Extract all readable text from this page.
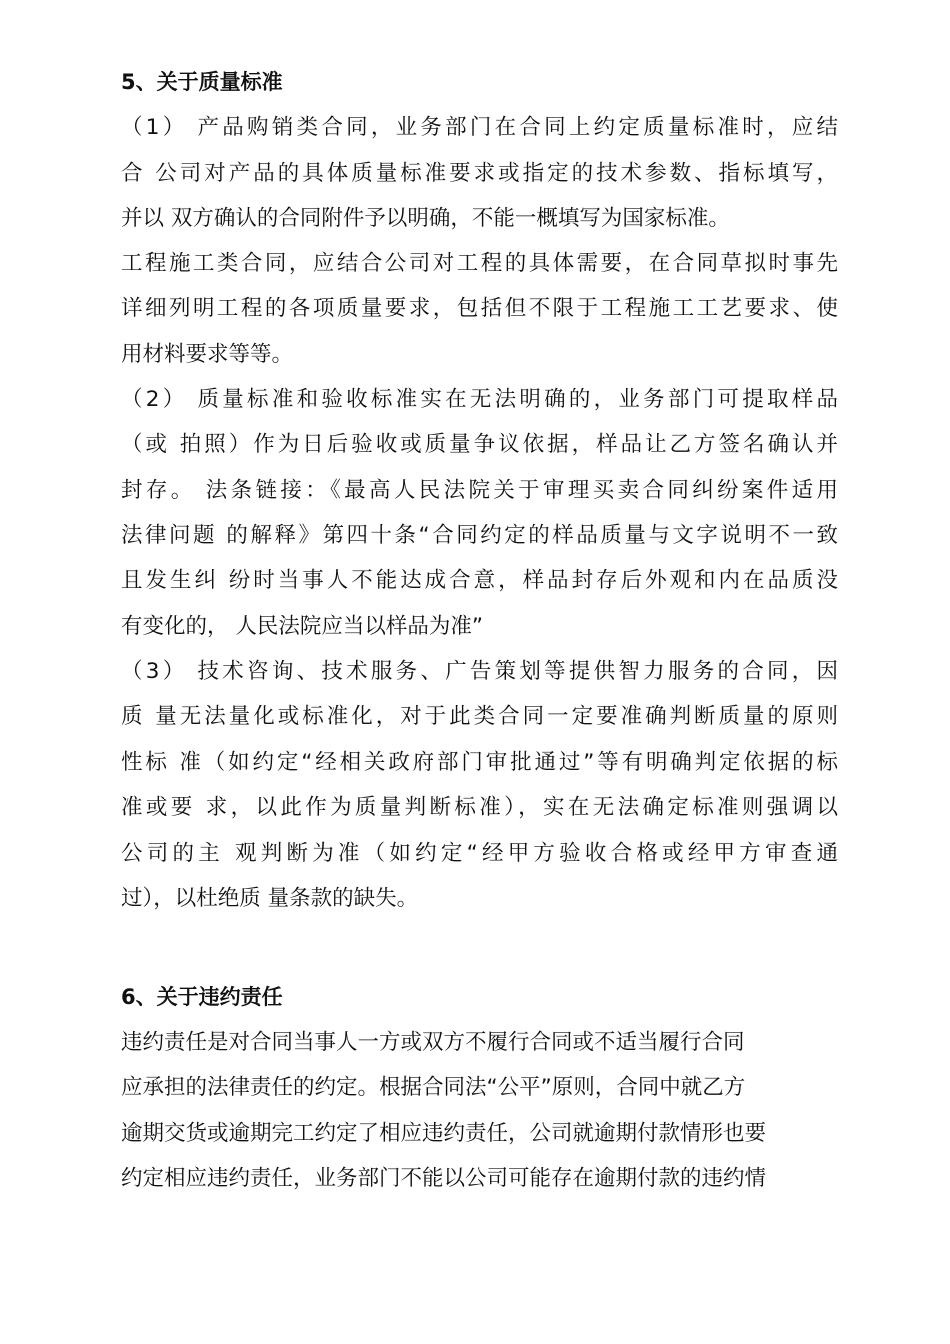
5、关于质量标准
（1） 产品购销类合同，业务部门在合同上约定质量标准时，应结
合 公司对产品的具体质量标准要求或指定的技术参数、指标填写，
并以 双方确认的合同附件予以明确，不能一概填写为国家标准。
工程施工类合同，应结合公司对工程的具体需要，在合同草拟时事先
详细列明工程的各项质量要求，包括但不限于工程施工工艺要求、使
用材料要求等等。
（2） 质量标准和验收标准实在无法明确的，业务部门可提取样品
（或 拍照）作为日后验收或质量争议依据，样品让乙方签名确认并
封存。 法条链接：《最高人民法院关于审理买卖合同纠纷案件适用
法律问题 的解释》第四十条“合同约定的样品质量与文字说明不一致
且发生纠 纷时当事人不能达成合意，样品封存后外观和内在品质没
有变化的， 人民法院应当以样品为准”
（3） 技术咨询、技术服务、广告策划等提供智力服务的合同，因
质 量无法量化或标准化，对于此类合同一定要准确判断质量的原则
性标 准（如约定“经相关政府部门审批通过”等有明确判定依据的标
准或要 求，以此作为质量判断标准），实在无法确定标准则强调以
公司的主 观判断为准（如约定“经甲方验收合格或经甲方审查通
过），以杜绝质 量条款的缺失。
6、关于违约责任
违约责任是对合同当事人一方或双方不履行合同或不适当履行合同
应承担的法律责任的约定。根据合同法“公平”原则，合同中就乙方
逾期交货或逾期完工约定了相应违约责任，公司就逾期付款情形也要
约定相应违约责任，业务部门不能以公司可能存在逾期付款的违约情
